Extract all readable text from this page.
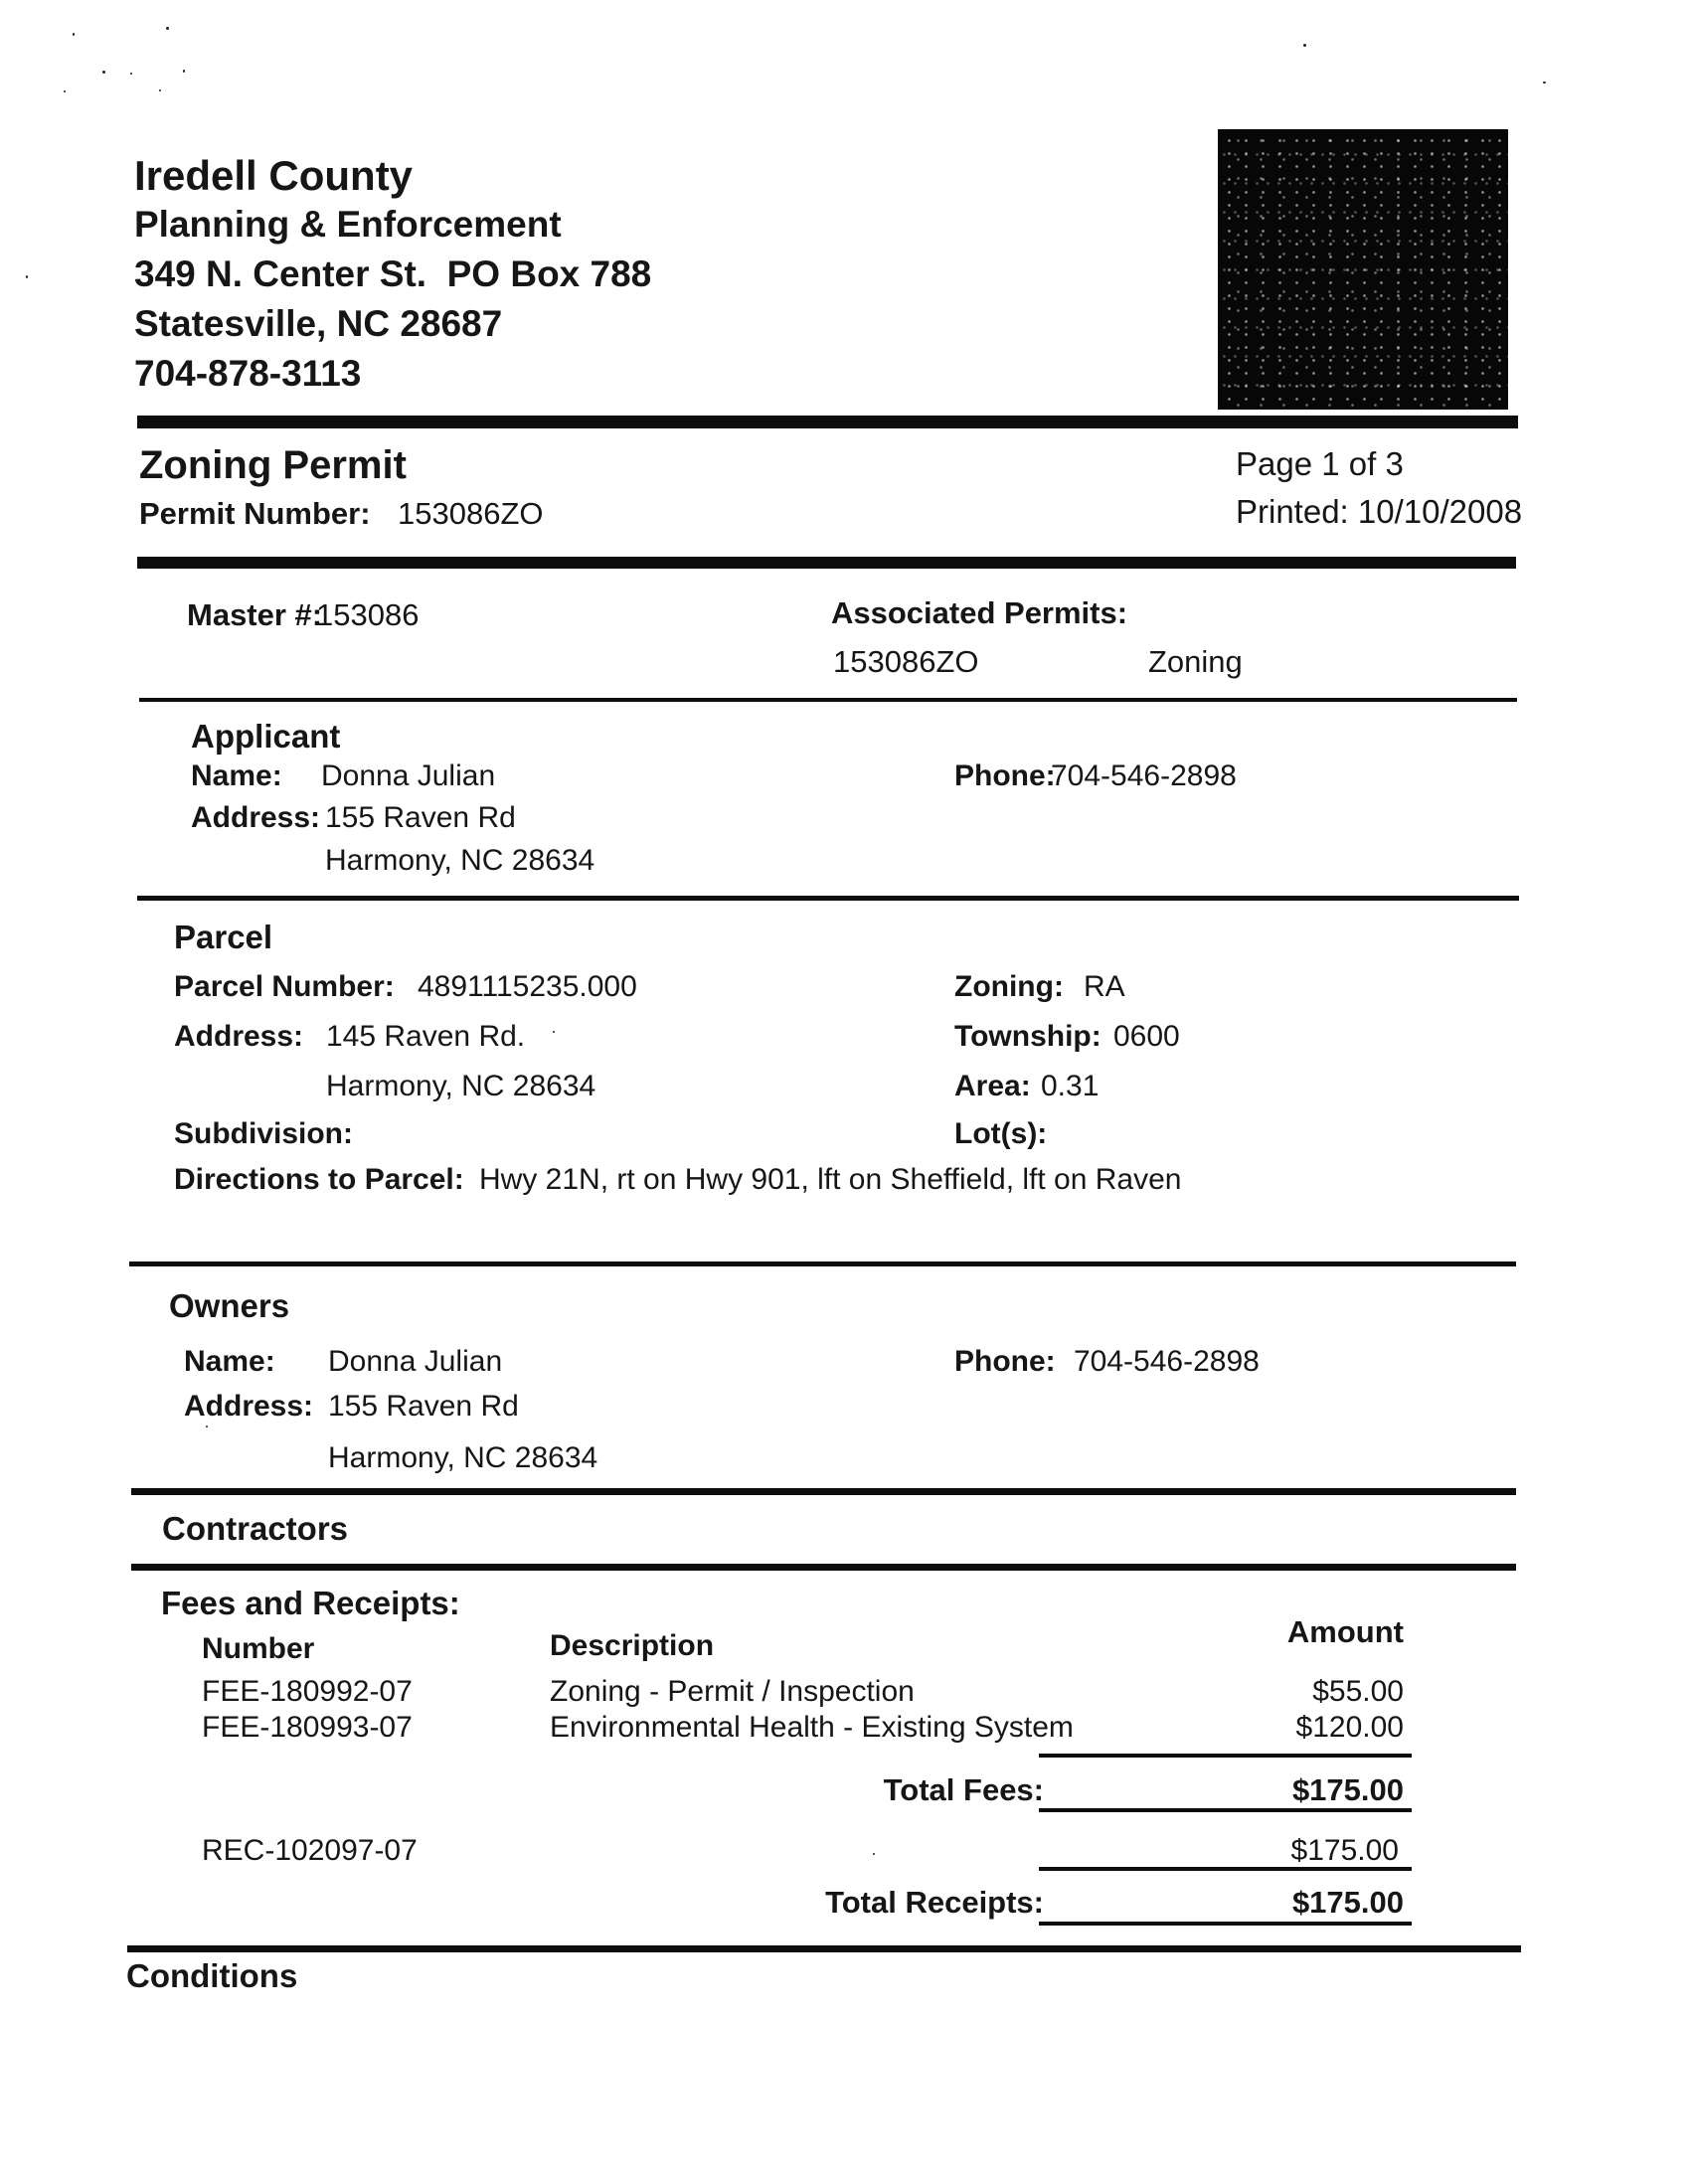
Iredell County
Planning & Enforcement
349 N. Center St.  PO Box 788
Statesville, NC 28687
704-878-3113
Zoning Permit	Page 1 of 3
Permit Number: 153086ZO	Printed: 10/10/2008
Master #:
153086	Associated Permits:
153086ZO	Zoning
Applicant
Name: Donna Julian	Phone:
704-546-2898
Address: 155 Raven Rd
Harmony, NC 28634
Parcel
Parcel Number: 4891115235.000	Zoning: RA
Address: 145 Raven Rd.	Township: 0600
Harmony, NC 28634	Area: 0.31
Subdivision:	Lot(s):
Directions to Parcel: Hwy 21N, rt on Hwy 901, lft on Sheffield, lft on Raven
Owners
Name: Donna Julian	Phone: 704-546-2898
Address: 155 Raven Rd
Harmony, NC 28634
Contractors
Fees and Receipts:
Number	Description	Amount
FEE-180992-07	Zoning - Permit / Inspection	$55.00
FEE-180993-07	Environmental Health - Existing System	$120.00
Total Fees:	$175.00
REC-102097-07	$175.00
Total Receipts:	$175.00
Conditions
